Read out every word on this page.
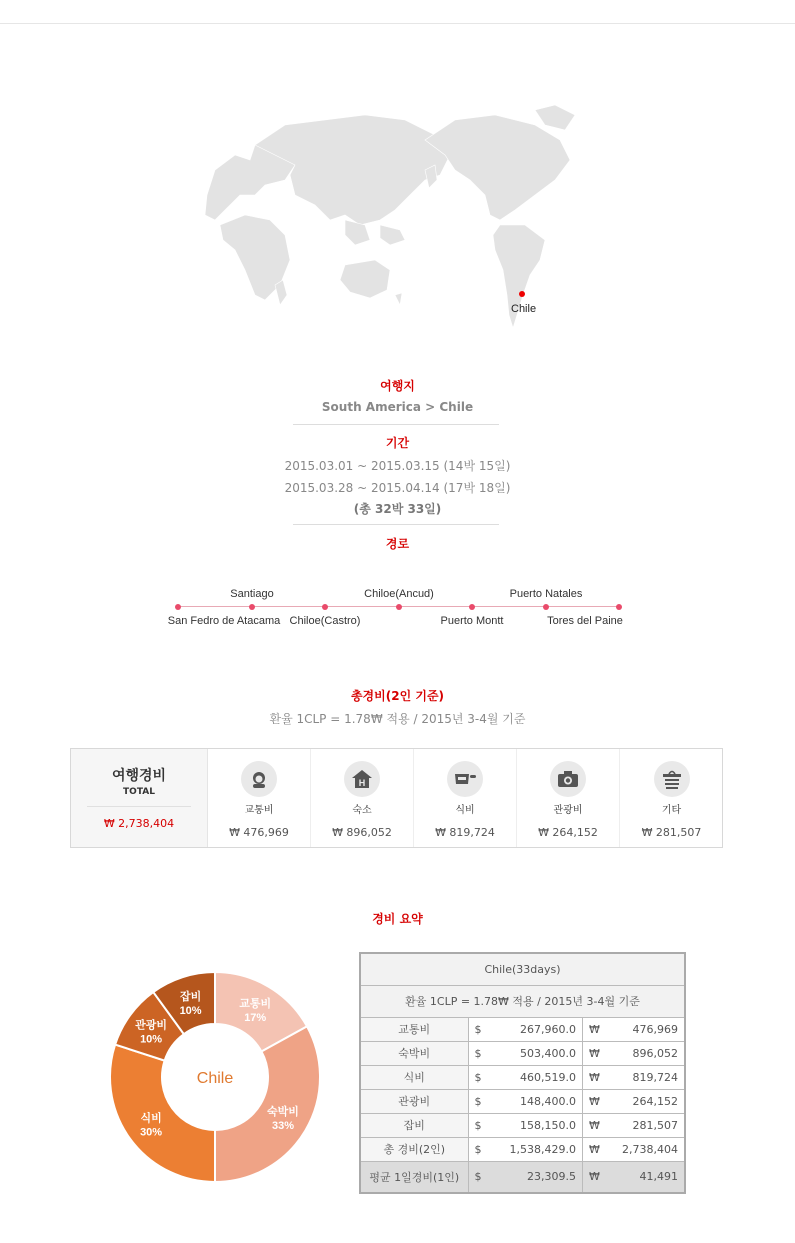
Chile
여행지
South America > Chile
기간
2015.03.01 ~ 2015.03.15 (14박 15일)
2015.03.28 ~ 2015.04.14 (17박 18일)
(총 32박 33일)
경로
San Fedro de Atacama
Santiago
Chiloe(Castro)
Chiloe(Ancud)
Puerto Montt
Puerto Natales
Tores del Paine
총경비(2인 기준)
환율 1CLP = 1.78₩ 적용 / 2015년 3-4월 기준
여행경비
TOTAL
₩ 2,738,404
교통비
₩ 476,969
H
숙소
₩ 896,052
식비
₩ 819,724
관광비
₩ 264,152
기타
₩ 281,507
경비 요약
교통비
17%
숙박비
33%
식비
30%
관광비
10%
잡비
10%
Chile
Chile(33days)				
환율 1CLP = 1.78₩ 적용 / 2015년 3-4월 기준				
교통비	$	267,960.0	₩	476,969
숙박비	$	503,400.0	₩	896,052
식비	$	460,519.0	₩	819,724
관광비	$	148,400.0	₩	264,152
잡비	$	158,150.0	₩	281,507
총 경비(2인)	$	1,538,429.0	₩	2,738,404
평균 1일경비(1인)	$	23,309.5	₩	41,491
